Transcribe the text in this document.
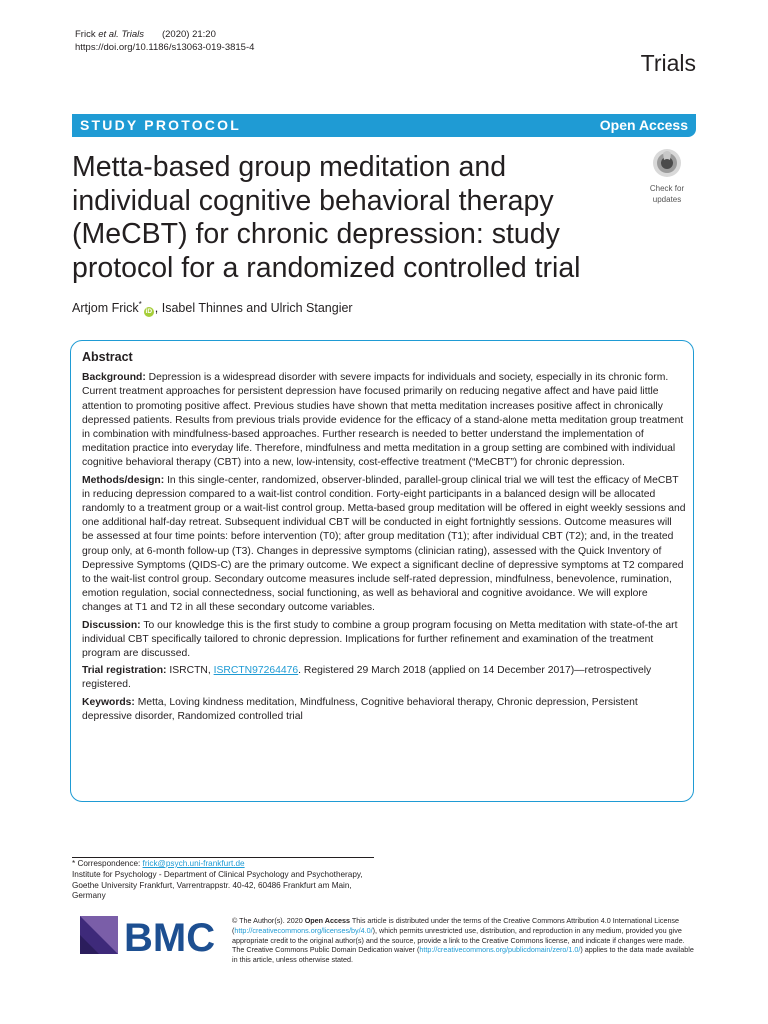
Frick et al. Trials (2020) 21:20
https://doi.org/10.1186/s13063-019-3815-4
Trials
STUDY PROTOCOL	Open Access
Metta-based group meditation and individual cognitive behavioral therapy (MeCBT) for chronic depression: study protocol for a randomized controlled trial
Check for
updates
Artjom Frick*iD , Isabel Thinnes and Ulrich Stangier
Abstract

Background: Depression is a widespread disorder with severe impacts for individuals and society, especially in its chronic form. Current treatment approaches for persistent depression have focused primarily on reducing negative affect and have paid little attention to promoting positive affect. Previous studies have shown that metta meditation increases positive affect in chronically depressed patients. Results from previous trials provide evidence for the efficacy of a stand-alone metta meditation group treatment in combination with mindfulness-based approaches. Further research is needed to better understand the implementation of meditation practice into everyday life. Therefore, mindfulness and metta meditation in a group setting are combined with individual cognitive behavioral therapy (CBT) into a new, low-intensity, cost-effective treatment (“MeCBT”) for chronic depression.

Methods/design: In this single-center, randomized, observer-blinded, parallel-group clinical trial we will test the efficacy of MeCBT in reducing depression compared to a wait-list control condition. Forty-eight participants in a balanced design will be allocated randomly to a treatment group or a wait-list control group. Metta-based group meditation will be offered in eight weekly sessions and one additional half-day retreat. Subsequent individual CBT will be conducted in eight fortnightly sessions. Outcome measures will be assessed at four time points: before intervention (T0); after group meditation (T1); after individual CBT (T2); and, in the treated group only, at 6-month follow-up (T3). Changes in depressive symptoms (clinician rating), assessed with the Quick Inventory of Depressive Symptoms (QIDS-C) are the primary outcome. We expect a significant decline of depressive symptoms at T2 compared to the wait-list control group. Secondary outcome measures include self-rated depression, mindfulness, benevolence, rumination, emotion regulation, social connectedness, social functioning, as well as behavioral and cognitive avoidance. We will explore changes at T1 and T2 in all these secondary outcome variables.

Discussion: To our knowledge this is the first study to combine a group program focusing on Metta meditation with state-of-the art individual CBT specifically tailored to chronic depression. Implications for further refinement and examination of the treatment program are discussed.

Trial registration: ISRCTN, ISRCTN97264476. Registered 29 March 2018 (applied on 14 December 2017)—retrospectively registered.

Keywords: Metta, Loving kindness meditation, Mindfulness, Cognitive behavioral therapy, Chronic depression, Persistent depressive disorder, Randomized controlled trial

* Correspondence: frick@psych.uni-frankfurt.de
Institute for Psychology - Department of Clinical Psychology and Psychotherapy, Goethe University Frankfurt, Varrentrappstr. 40-42, 60486 Frankfurt am Main, Germany
BMC © The Author(s). 2020 Open Access This article is distributed under the terms of the Creative Commons Attribution 4.0 International License (http://creativecommons.org/licenses/by/4.0/), which permits unrestricted use, distribution, and reproduction in any medium, provided you give appropriate credit to the original author(s) and the source, provide a link to the Creative Commons license, and indicate if changes were made. The Creative Commons Public Domain Dedication waiver (http://creativecommons.org/publicdomain/zero/1.0/) applies to the data made available in this article, unless otherwise stated.
